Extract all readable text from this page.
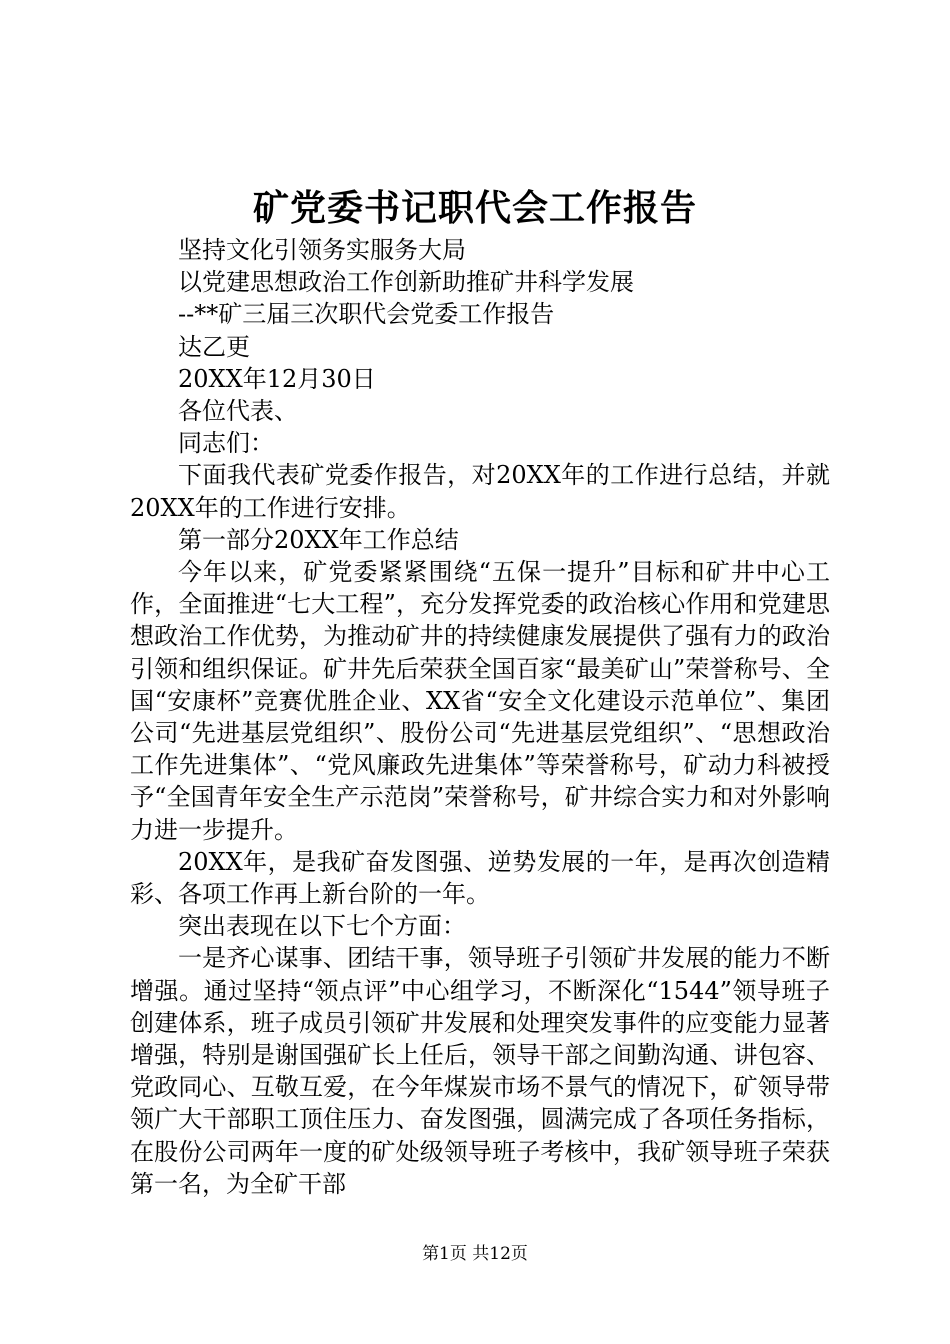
矿党委书记职代会工作报告

坚持文化引领务实服务大局

以党建思想政治工作创新助推矿井科学发展

--**矿三届三次职代会党委工作报告

达乙更

20XX年12月30日

各位代表、

同志们：

下面我代表矿党委作报告，对20XX年的工作进行总结，并就20XX年的工作进行安排。

第一部分20XX年工作总结

今年以来，矿党委紧紧围绕“五保一提升”目标和矿井中心工作，全面推进“七大工程”，充分发挥党委的政治核心作用和党建思想政治工作优势，为推动矿井的持续健康发展提供了强有力的政治引领和组织保证。矿井先后荣获全国百家“最美矿山”荣誉称号、全国“安康杯”竞赛优胜企业、XX省“安全文化建设示范单位”、集团公司“先进基层党组织”、股份公司“先进基层党组织”、“思想政治工作先进集体”、“党风廉政先进集体”等荣誉称号，矿动力科被授予“全国青年安全生产示范岗”荣誉称号，矿井综合实力和对外影响力进一步提升。

20XX年，是我矿奋发图强、逆势发展的一年，是再次创造精彩、各项工作再上新台阶的一年。

突出表现在以下七个方面：

一是齐心谋事、团结干事，领导班子引领矿井发展的能力不断增强。通过坚持“领点评”中心组学习，不断深化“1544”领导班子创建体系，班子成员引领矿井发展和处理突发事件的应变能力显著增强，特别是谢国强矿长上任后，领导干部之间勤沟通、讲包容、党政同心、互敬互爱，在今年煤炭市场不景气的情况下，矿领导带领广大干部职工顶住压力、奋发图强，圆满完成了各项任务指标，在股份公司两年一度的矿处级领导班子考核中，我矿领导班子荣获第一名，为全矿干部

第1页 共12页
